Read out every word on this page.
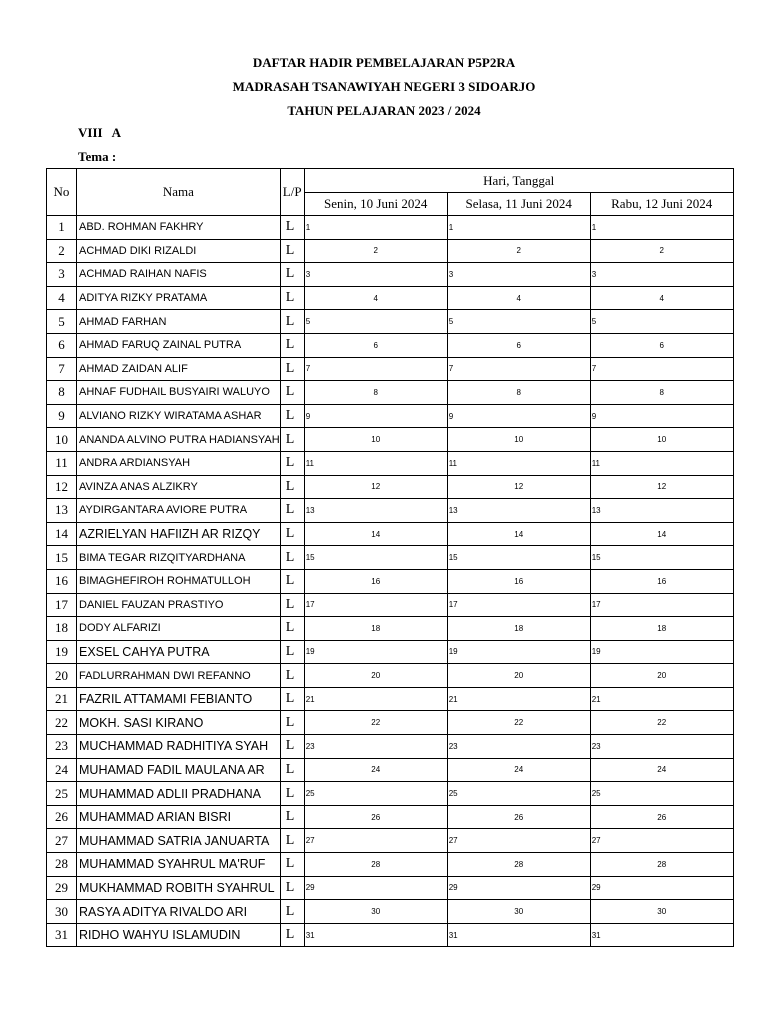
DAFTAR HADIR PEMBELAJARAN P5P2RA
MADRASAH TSANAWIYAH NEGERI 3 SIDOARJO
TAHUN PELAJARAN 2023 / 2024
VIII   A
Tema :
No	Nama	L/P	Hari, Tanggal		
			Senin, 10 Juni 2024	Selasa, 11 Juni 2024	Rabu, 12 Juni 2024
1	ABD. ROHMAN FAKHRY	L	1	1	1
2	ACHMAD DIKI RIZALDI	L	2	2	2
3	ACHMAD RAIHAN NAFIS	L	3	3	3
4	ADITYA RIZKY PRATAMA	L	4	4	4
5	AHMAD FARHAN	L	5	5	5
6	AHMAD FARUQ ZAINAL PUTRA	L	6	6	6
7	AHMAD ZAIDAN ALIF	L	7	7	7
8	AHNAF FUDHAIL BUSYAIRI WALUYO	L	8	8	8
9	ALVIANO RIZKY WIRATAMA ASHAR	L	9	9	9
10	ANANDA ALVINO PUTRA HADIANSYAH	L	10	10	10
11	ANDRA ARDIANSYAH	L	11	11	11
12	AVINZA ANAS ALZIKRY	L	12	12	12
13	AYDIRGANTARA AVIORE PUTRA	L	13	13	13
14	AZRIELYAN HAFIIZH AR RIZQY	L	14	14	14
15	BIMA TEGAR RIZQITYARDHANA	L	15	15	15
16	BIMAGHEFIROH ROHMATULLOH	L	16	16	16
17	DANIEL FAUZAN PRASTIYO	L	17	17	17
18	DODY ALFARIZI	L	18	18	18
19	EXSEL CAHYA PUTRA	L	19	19	19
20	FADLURRAHMAN DWI REFANNO	L	20	20	20
21	FAZRIL ATTAMAMI FEBIANTO	L	21	21	21
22	MOKH. SASI KIRANO	L	22	22	22
23	MUCHAMMAD RADHITIYA SYAH	L	23	23	23
24	MUHAMAD FADIL MAULANA AR	L	24	24	24
25	MUHAMMAD ADLII PRADHANA	L	25	25	25
26	MUHAMMAD ARIAN BISRI	L	26	26	26
27	MUHAMMAD SATRIA JANUARTA	L	27	27	27
28	MUHAMMAD SYAHRUL MA'RUF	L	28	28	28
29	MUKHAMMAD ROBITH SYAHRUL	L	29	29	29
30	RASYA ADITYA RIVALDO ARI	L	30	30	30
31	RIDHO WAHYU ISLAMUDIN	L	31	31	31
